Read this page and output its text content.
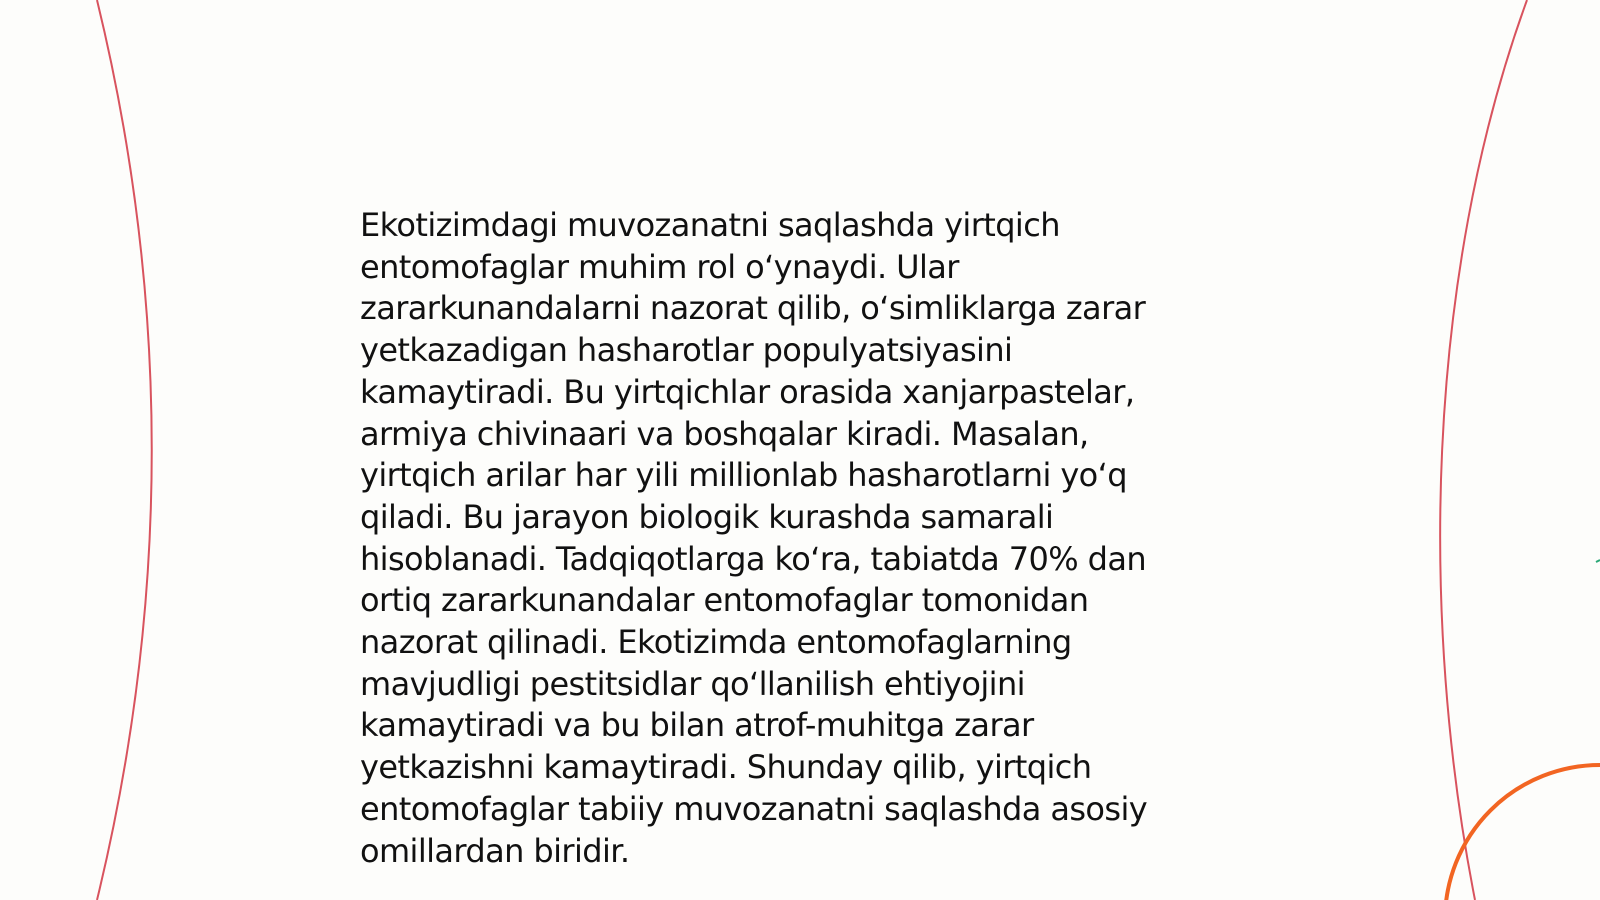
Ekotizimdagi muvozanatni saqlashda yirtqich
entomofaglar muhim rol o‘ynaydi. Ular
zararkunandalarni nazorat qilib, o‘simliklarga zarar
yetkazadigan hasharotlar populyatsiyasini
kamaytiradi. Bu yirtqichlar orasida xanjarpastelar,
armiya chivinaari va boshqalar kiradi. Masalan,
yirtqich arilar har yili millionlab hasharotlarni yo‘q
qiladi. Bu jarayon biologik kurashda samarali
hisoblanadi. Tadqiqotlarga ko‘ra, tabiatda 70% dan
ortiq zararkunandalar entomofaglar tomonidan
nazorat qilinadi. Ekotizimda entomofaglarning
mavjudligi pestitsidlar qo‘llanilish ehtiyojini
kamaytiradi va bu bilan atrof-muhitga zarar
yetkazishni kamaytiradi. Shunday qilib, yirtqich
entomofaglar tabiiy muvozanatni saqlashda asosiy
omillardan biridir.
